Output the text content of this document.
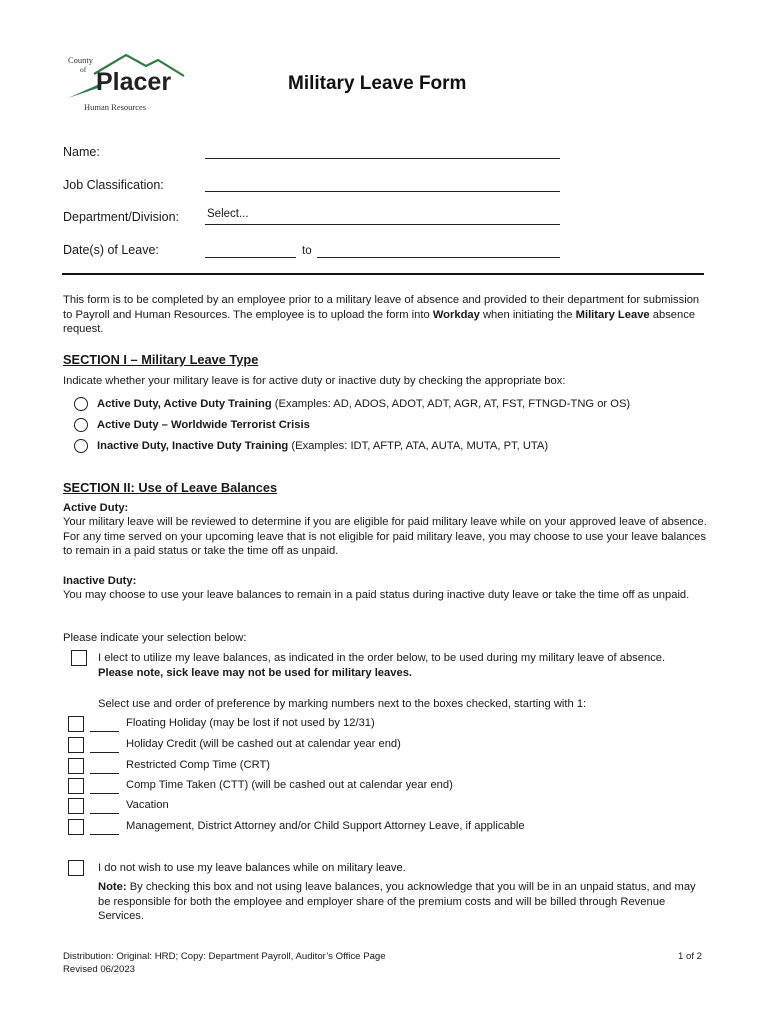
County
of Placer
Human Resources
Military Leave Form
Name:
Job Classification:
Department/Division: Select...
Date(s) of Leave:	to
This form is to be completed by an employee prior to a military leave of absence and provided to their department for submission to Payroll and Human Resources. The employee is to upload the form into Workday when initiating the Military Leave absence request.
SECTION I – Military Leave Type
Indicate whether your military leave is for active duty or inactive duty by checking the appropriate box:
Active Duty, Active Duty Training (Examples: AD, ADOS, ADOT, ADT, AGR, AT, FST, FTNGD-TNG or OS)
Active Duty – Worldwide Terrorist Crisis
Inactive Duty, Inactive Duty Training (Examples: IDT, AFTP, ATA, AUTA, MUTA, PT, UTA)
SECTION II: Use of Leave Balances
Active Duty:
Your military leave will be reviewed to determine if you are eligible for paid military leave while on your approved leave of absence. For any time served on your upcoming leave that is not eligible for paid military leave, you may choose to use your leave balances to remain in a paid status or take the time off as unpaid.
Inactive Duty:
You may choose to use your leave balances to remain in a paid status during inactive duty leave or take the time off as unpaid.
Please indicate your selection below:
I elect to utilize my leave balances, as indicated in the order below, to be used during my military leave of absence. Please note, sick leave may not be used for military leaves.
Select use and order of preference by marking numbers next to the boxes checked, starting with 1:
Floating Holiday (may be lost if not used by 12/31)
Holiday Credit (will be cashed out at calendar year end)
Restricted Comp Time (CRT)
Comp Time Taken (CTT) (will be cashed out at calendar year end)
Vacation
Management, District Attorney and/or Child Support Attorney Leave, if applicable
I do not wish to use my leave balances while on military leave.
Note: By checking this box and not using leave balances, you acknowledge that you will be in an unpaid status, and may be responsible for both the employee and employer share of the premium costs and will be billed through Revenue Services.
Distribution: Original: HRD; Copy: Department Payroll, Auditor’s Office Page
Revised 06/2023
1 of 2
